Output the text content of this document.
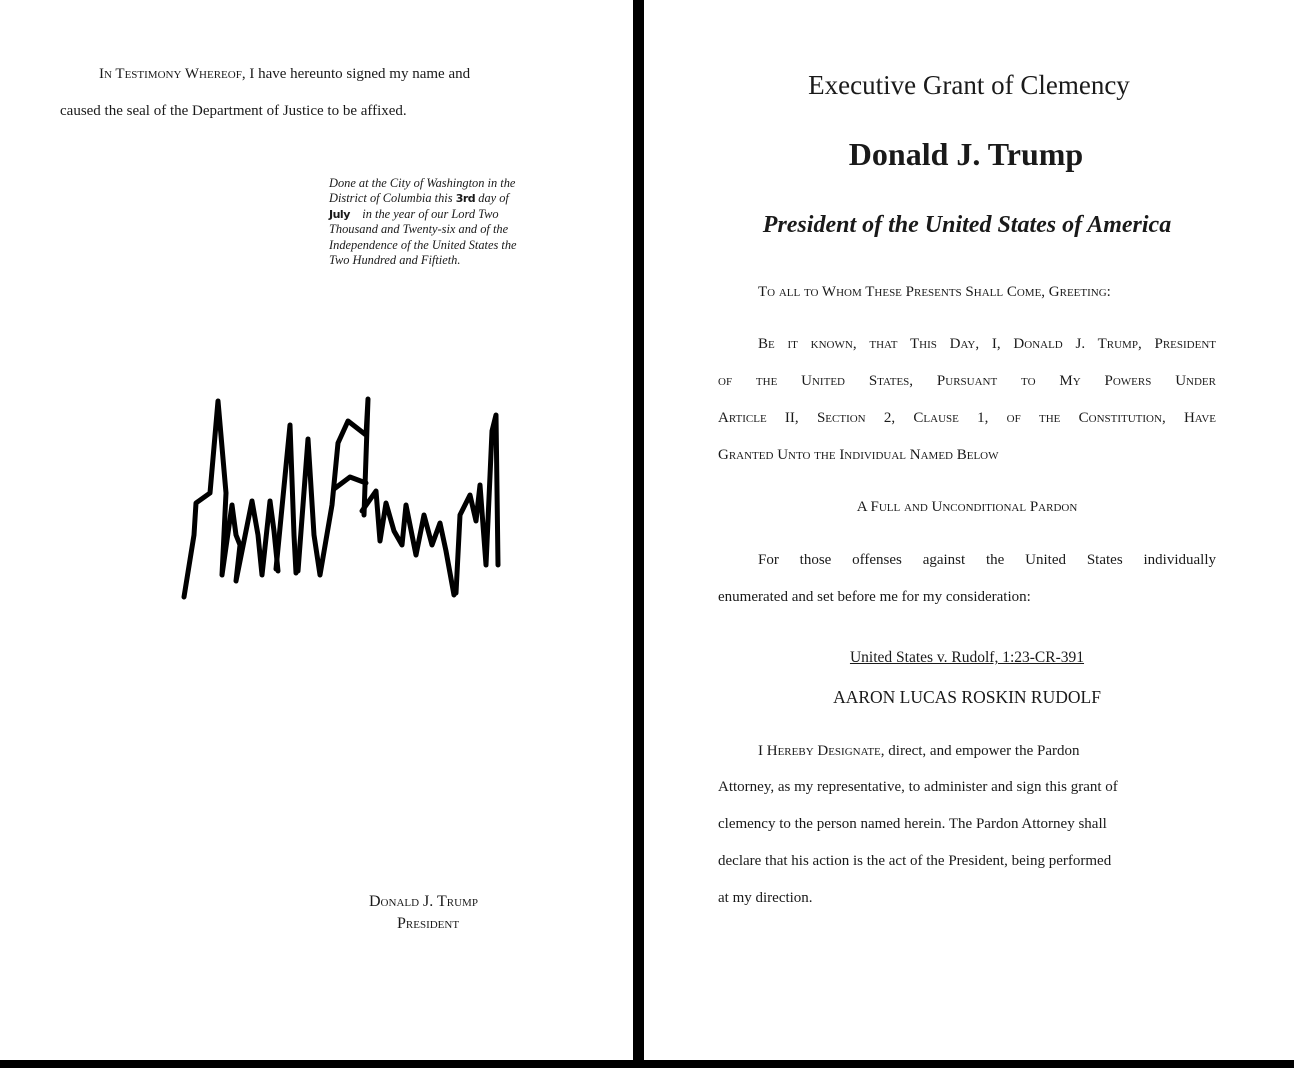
In Testimony Whereof, I have hereunto signed my name and
caused the seal of the Department of Justice to be affixed.
Done at the City of Washington in the
District of Columbia this 3rd day of
July in the year of our Lord Two
Thousand and Twenty-six and of the
Independence of the United States the
Two Hundred and Fiftieth.
Donald J. Trump
President
Executive Grant of Clemency
Donald J. Trump
President of the United States of America
To all to Whom These Presents Shall Come, Greeting:
Be it known, that This Day, I, Donald J. Trump, President
of the United States, Pursuant to My Powers Under
Article II, Section 2, Clause 1, of the Constitution, Have
Granted Unto the Individual Named Below
A Full and Unconditional Pardon
For those offenses against the United States individually
enumerated and set before me for my consideration:
United States v. Rudolf, 1:23-CR-391
AARON LUCAS ROSKIN RUDOLF
I Hereby Designate, direct, and empower the Pardon
Attorney, as my representative, to administer and sign this grant of
clemency to the person named herein. The Pardon Attorney shall
declare that his action is the act of the President, being performed
at my direction.
